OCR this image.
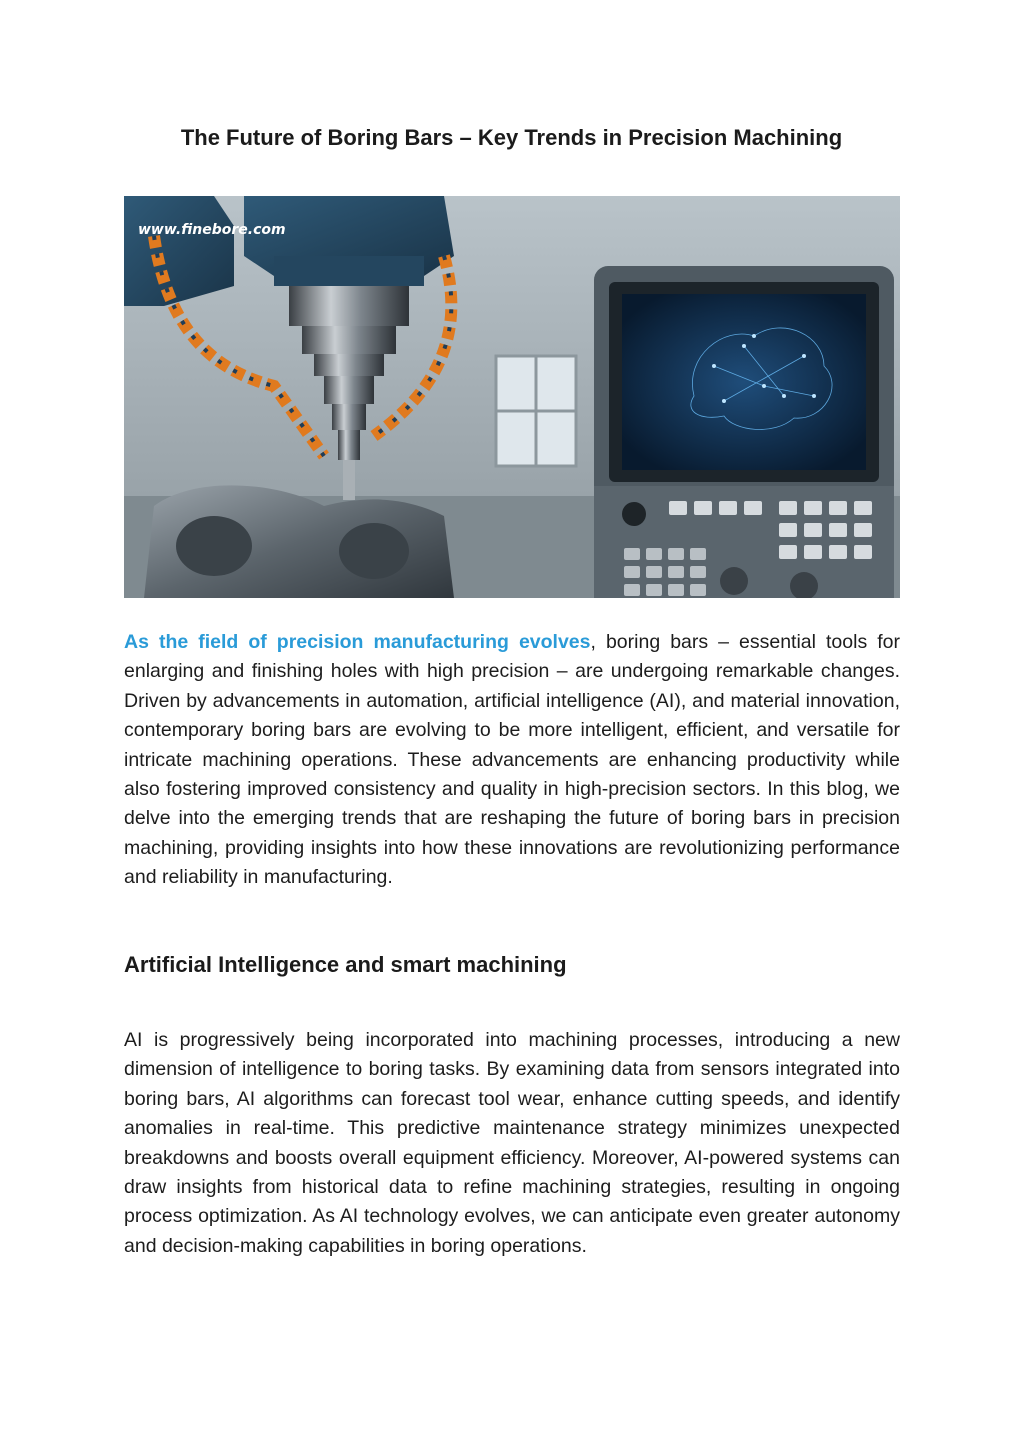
The Future of Boring Bars – Key Trends in Precision Machining
www.finebore.com

As the field of precision manufacturing evolves, boring bars – essential tools for enlarging and finishing holes with high precision – are undergoing remarkable changes. Driven by advancements in automation, artificial intelligence (AI), and material innovation, contemporary boring bars are evolving to be more intelligent, efficient, and versatile for intricate machining operations. These advancements are enhancing productivity while also fostering improved consistency and quality in high-precision sectors. In this blog, we delve into the emerging trends that are reshaping the future of boring bars in precision machining, providing insights into how these innovations are revolutionizing performance and reliability in manufacturing.

Artificial Intelligence and smart machining

AI is progressively being incorporated into machining processes, introducing a new dimension of intelligence to boring tasks. By examining data from sensors integrated into boring bars, AI algorithms can forecast tool wear, enhance cutting speeds, and identify anomalies in real-time. This predictive maintenance strategy minimizes unexpected breakdowns and boosts overall equipment efficiency. Moreover, AI-powered systems can draw insights from historical data to refine machining strategies, resulting in ongoing process optimization. As AI technology evolves, we can anticipate even greater autonomy and decision-making capabilities in boring operations.
